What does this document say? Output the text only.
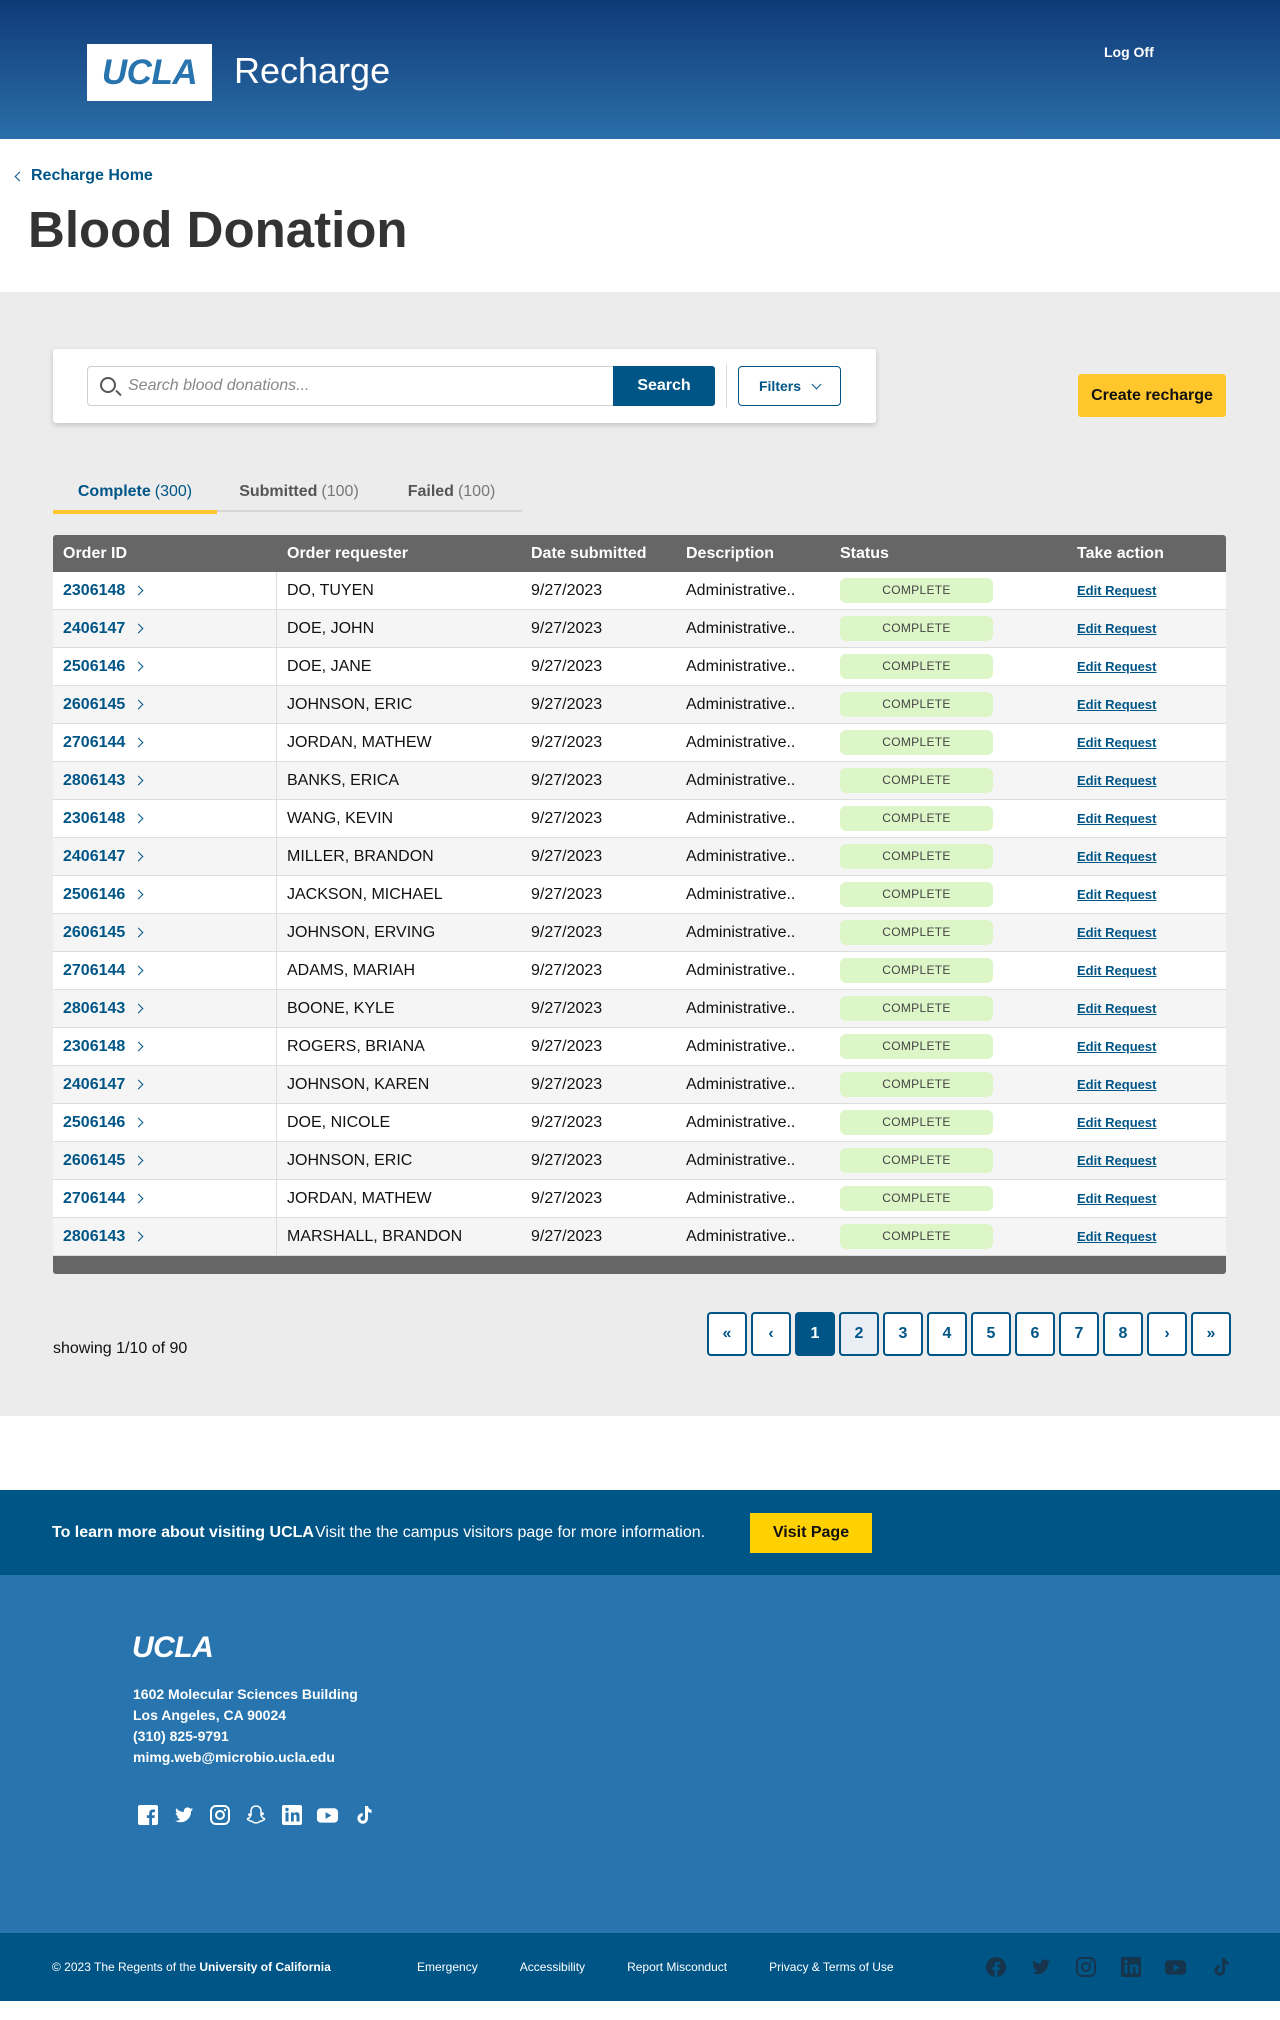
UCLA Recharge	Log Off
Recharge Home
Blood Donation
Search blood donations...
Search	Filters
Create recharge
Complete (300)	Submitted (100)	Failed (100)
Order ID	Order requester	Date submitted	Description	Status	Take action
2306148	DO, TUYEN	9/27/2023	Administrative..	COMPLETE	Edit Request
2406147	DOE, JOHN	9/27/2023	Administrative..	COMPLETE	Edit Request
2506146	DOE, JANE	9/27/2023	Administrative..	COMPLETE	Edit Request
2606145	JOHNSON, ERIC	9/27/2023	Administrative..	COMPLETE	Edit Request
2706144	JORDAN, MATHEW	9/27/2023	Administrative..	COMPLETE	Edit Request
2806143	BANKS, ERICA	9/27/2023	Administrative..	COMPLETE	Edit Request
2306148	WANG, KEVIN	9/27/2023	Administrative..	COMPLETE	Edit Request
2406147	MILLER, BRANDON	9/27/2023	Administrative..	COMPLETE	Edit Request
2506146	JACKSON, MICHAEL	9/27/2023	Administrative..	COMPLETE	Edit Request
2606145	JOHNSON, ERVING	9/27/2023	Administrative..	COMPLETE	Edit Request
2706144	ADAMS, MARIAH	9/27/2023	Administrative..	COMPLETE	Edit Request
2806143	BOONE, KYLE	9/27/2023	Administrative..	COMPLETE	Edit Request
2306148	ROGERS, BRIANA	9/27/2023	Administrative..	COMPLETE	Edit Request
2406147	JOHNSON, KAREN	9/27/2023	Administrative..	COMPLETE	Edit Request
2506146	DOE, NICOLE	9/27/2023	Administrative..	COMPLETE	Edit Request
2606145	JOHNSON, ERIC	9/27/2023	Administrative..	COMPLETE	Edit Request
2706144	JORDAN, MATHEW	9/27/2023	Administrative..	COMPLETE	Edit Request
2806143	MARSHALL, BRANDON	9/27/2023	Administrative..	COMPLETE	Edit Request
showing 1/10 of 90
«	‹	1	2	3	4	5	6	7	8	›	»
To learn more about visiting UCLA Visit the the campus visitors page for more information.	Visit Page
UCLA
1602 Molecular Sciences Building
Los Angeles, CA 90024
(310) 825-9791
mimg.web@microbio.ucla.edu
© 2023 The Regents of the University of California	Emergency	Accessibility	Report Misconduct	Privacy & Terms of Use
